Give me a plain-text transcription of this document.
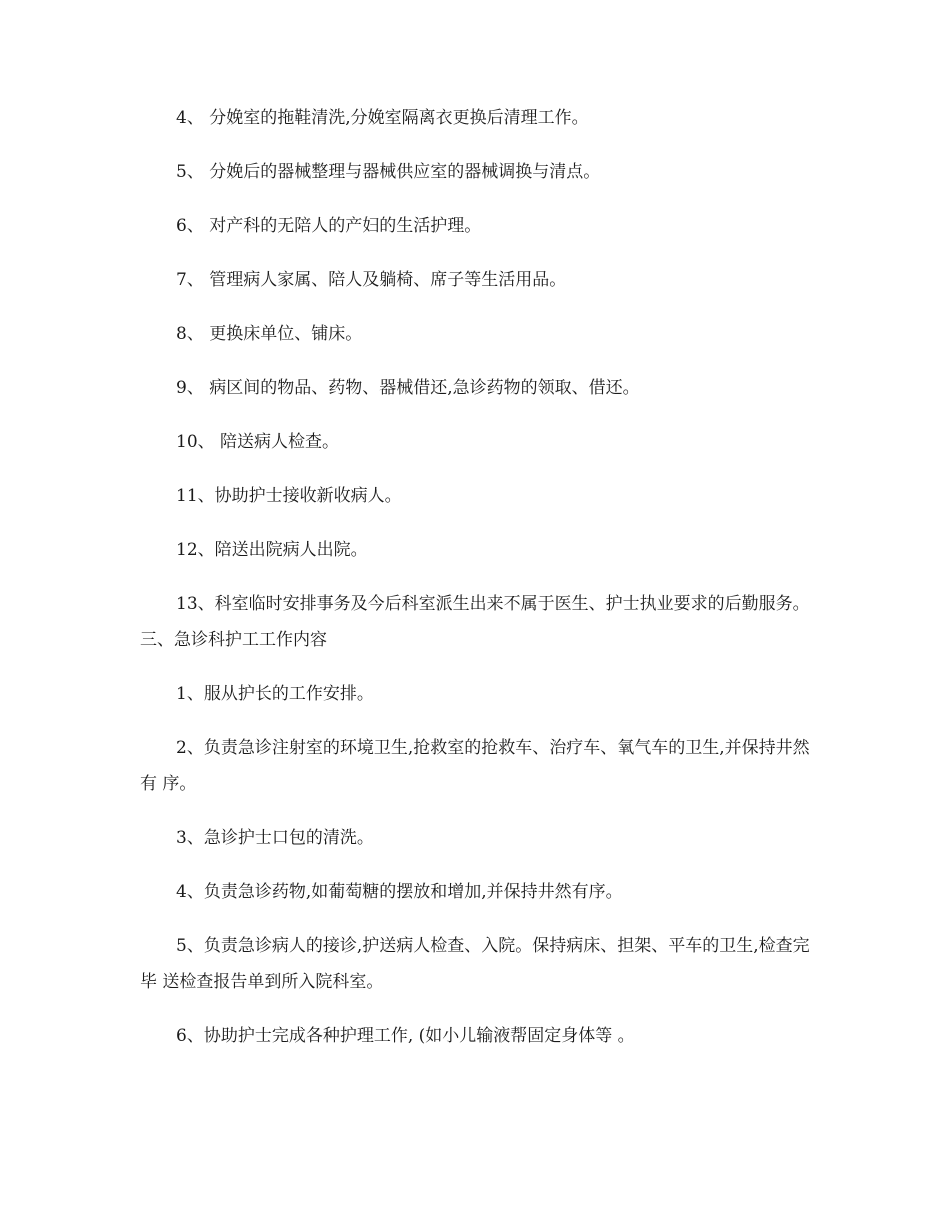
4、 分娩室的拖鞋清洗,分娩室隔离衣更换后清理工作。

5、 分娩后的器械整理与器械供应室的器械调换与清点。

6、 对产科的无陪人的产妇的生活护理。

7、 管理病人家属、陪人及躺椅、席子等生活用品。

8、 更换床单位、铺床。

9、 病区间的物品、药物、器械借还,急诊药物的领取、借还。

10、 陪送病人检查。

11、协助护士接收新收病人。

12、陪送出院病人出院。

13、科室临时安排事务及今后科室派生出来不属于医生、护士执业要求的后勤服务。 三、急诊科护工工作内容

1、服从护长的工作安排。

2、负责急诊注射室的环境卫生,抢救室的抢救车、治疗车、氧气车的卫生,并保持井然有 序。

3、急诊护士口包的清洗。

4、负责急诊药物,如葡萄糖的摆放和增加,并保持井然有序。

5、负责急诊病人的接诊,护送病人检查、入院。保持病床、担架、平车的卫生,检查完毕 送检查报告单到所入院科室。

6、协助护士完成各种护理工作, (如小儿输液帮固定身体等 。
